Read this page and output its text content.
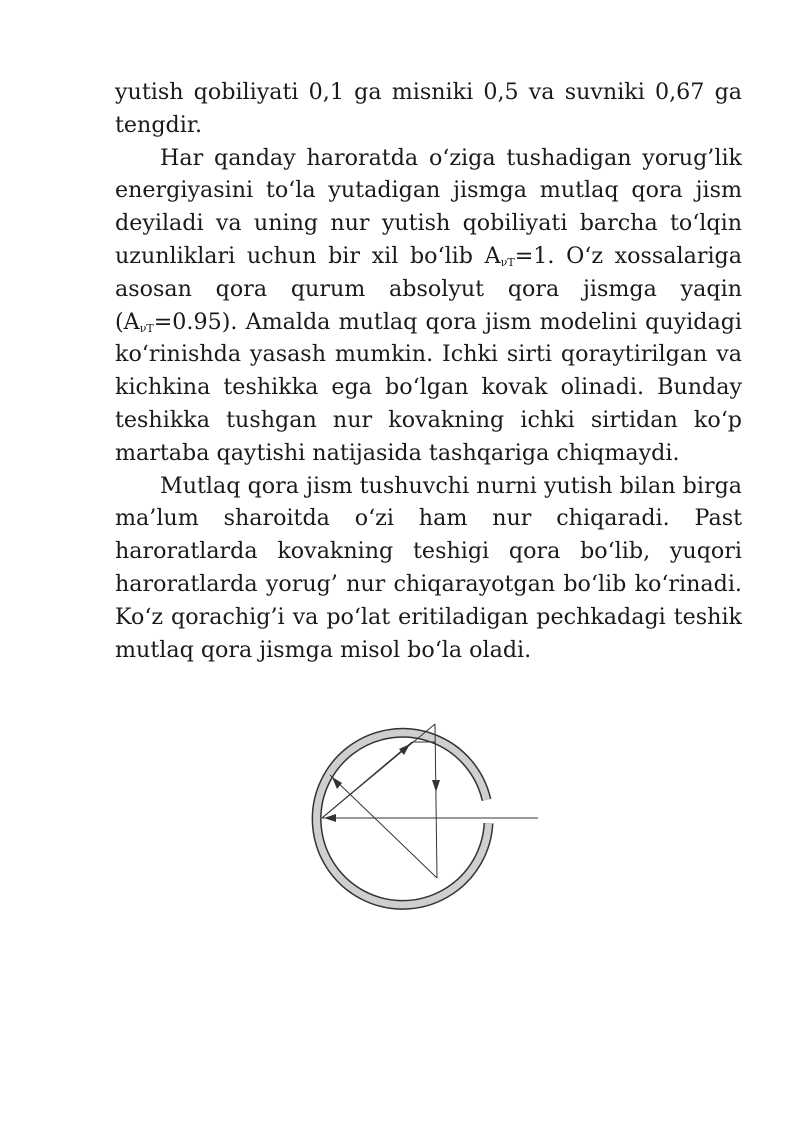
yutish qobiliyati 0,1 ga misniki 0,5 va suvniki 0,67 ga tengdir.

Har qanday haroratda o‘ziga tushadigan yorug’lik energiyasini to‘la yutadigan jismga mutlaq qora jism deyiladi va uning nur yutish qobiliyati barcha to‘lqin uzunliklari uchun bir xil bo‘lib $A_{\nu T}=1$. O‘z xossalariga asosan qora qurum absolyut qora jismga yaqin $(A_{\nu T}=0.95)$. Amalda mutlaq qora jism modelini quyidagi ko‘rinishda yasash mumkin. Ichki sirti qoraytirilgan va kichkina teshikka ega bo‘lgan kovak olinadi. Bunday teshikka tushgan nur kovakning ichki sirtidan ko‘p martaba qaytishi natijasida tashqariga chiqmaydi.

Mutlaq qora jism tushuvchi nurni yutish bilan birga ma’lum sharoitda o‘zi ham nur chiqaradi. Past haroratlarda kovakning teshigi qora bo‘lib, yuqori haroratlarda yorug’ nur chiqarayotgan bo‘lib ko‘rinadi. Ko‘z qorachig’i va po‘lat eritiladigan pechkadagi teshik mutlaq qora jismga misol bo‘la oladi.
